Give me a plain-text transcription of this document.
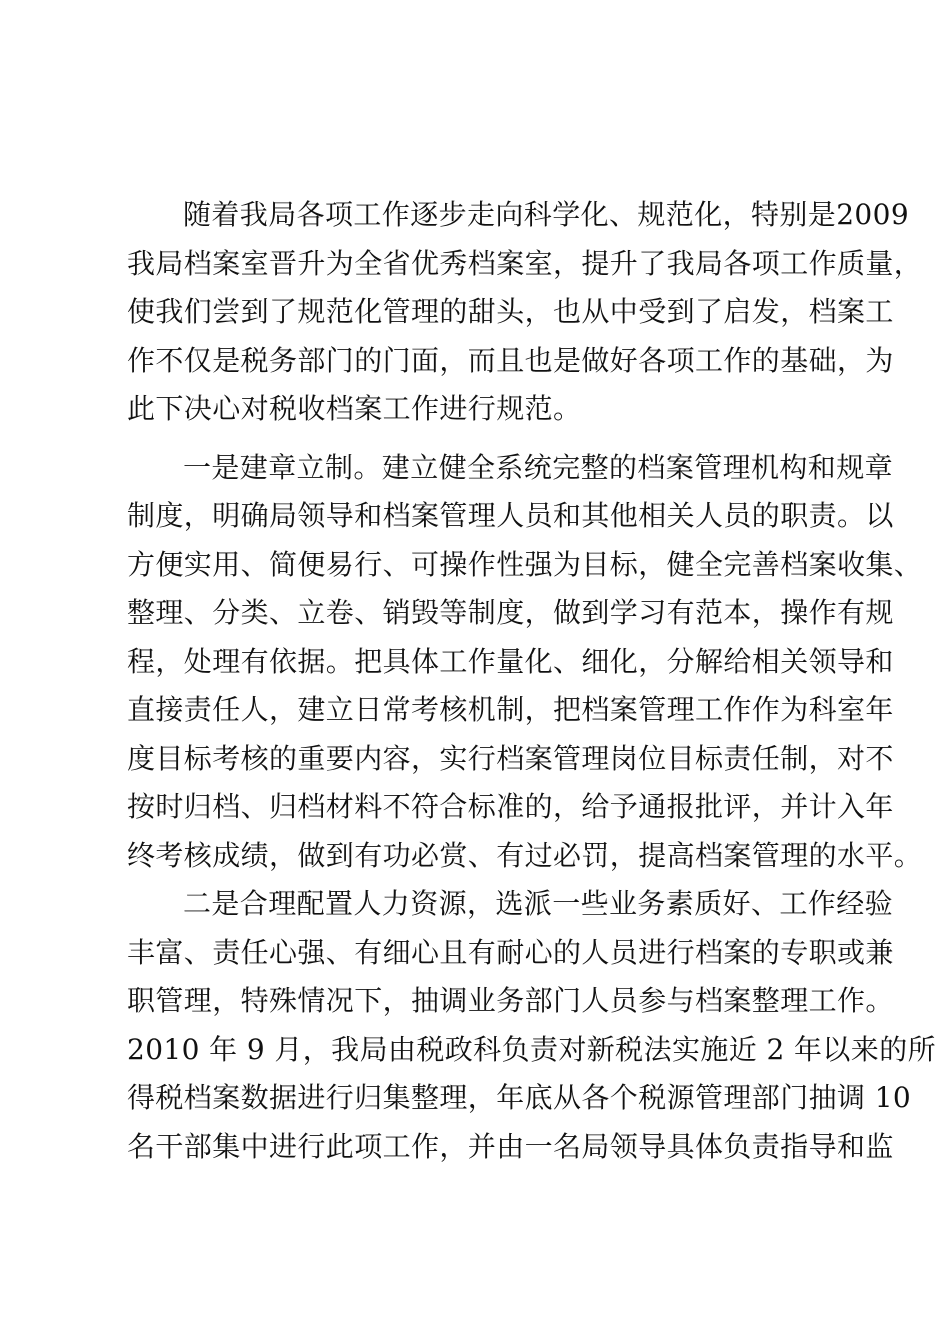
随着我局各项工作逐步走向科学化、规范化，特别是2009
我局档案室晋升为全省优秀档案室，提升了我局各项工作质量，
使我们尝到了规范化管理的甜头，也从中受到了启发，档案工
作不仅是税务部门的门面，而且也是做好各项工作的基础，为
此下决心对税收档案工作进行规范。
一是建章立制。建立健全系统完整的档案管理机构和规章
制度，明确局领导和档案管理人员和其他相关人员的职责。以
方便实用、简便易行、可操作性强为目标，健全完善档案收集、
整理、分类、立卷、销毁等制度，做到学习有范本，操作有规
程，处理有依据。把具体工作量化、细化，分解给相关领导和
直接责任人，建立日常考核机制，把档案管理工作作为科室年
度目标考核的重要内容，实行档案管理岗位目标责任制，对不
按时归档、归档材料不符合标准的，给予通报批评，并计入年
终考核成绩，做到有功必赏、有过必罚，提高档案管理的水平。
二是合理配置人力资源，选派一些业务素质好、工作经验
丰富、责任心强、有细心且有耐心的人员进行档案的专职或兼
职管理，特殊情况下，抽调业务部门人员参与档案整理工作。
2010 年 9 月，我局由税政科负责对新税法实施近 2 年以来的所
得税档案数据进行归集整理，年底从各个税源管理部门抽调 10
名干部集中进行此项工作，并由一名局领导具体负责指导和监
